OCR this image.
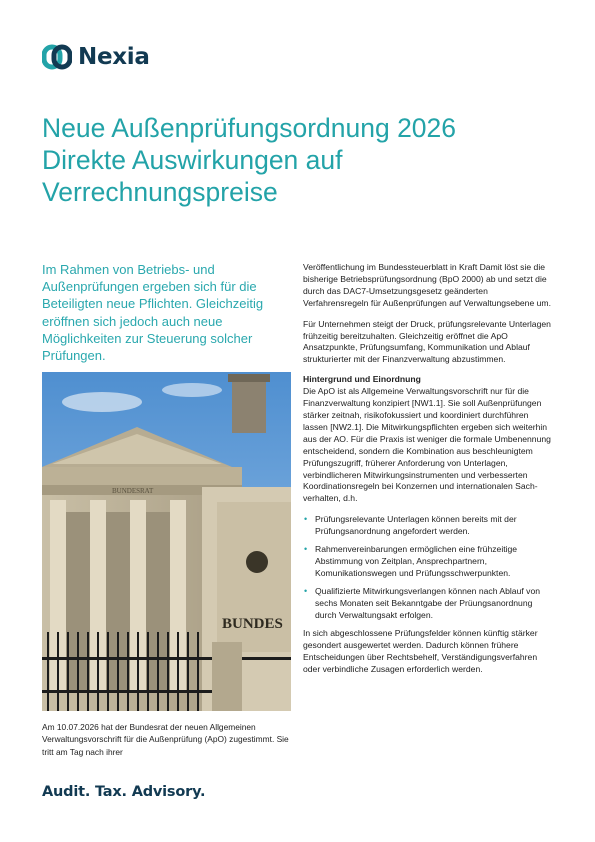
Nexia
Neue Außenprüfungsordnung 2026
Direkte Auswirkungen auf
Verrechnungspreise
Im Rahmen von Betriebs- und Außenprüfungen ergeben sich für die Beteiligten neue Pflichten. Gleichzeitig eröffnen sich jedoch auch neue Möglichkeiten zur Steuerung solcher Prüfungen.
BUNDESRAT
BUNDES
Am 10.07.2026 hat der Bundesrat der neuen Allgemeinen Verwaltungsvorschrift für die Außenprüfung (ApO) zugestimmt. Sie tritt am Tag nach ihrer

Veröffentlichung im Bundessteuerblatt in Kraft Damit löst sie die bisherige Betriebsprüfungsordnung (BpO 2000) ab und setzt die durch das DAC7-Umsetzungsgesetz geänderten Verfahrensregeln für Außenprüfungen auf Verwaltungsebene um.

Für Unternehmen steigt der Druck, prüfungsrelevante Unterlagen frühzeitig bereitzuhalten. Gleichzeitig eröffnet die ApO Ansatzpunkte, Prüfungsumfang, Kommunikation und Ablauf strukturierter mit der Finanzverwaltung abzustimmen.

Hintergrund und Einordnung

Die ApO ist als Allgemeine Verwaltungsvorschrift nur für die Finanzverwaltung konzipiert [NW1.1]. Sie soll Außenprüfungen stärker zeitnah, risikofokussiert und koordiniert durchführen lassen [NW2.1]. Die Mitwirkungspflichten ergeben sich weiterhin aus der AO. Für die Praxis ist weniger die formale Umbenennung entscheidend, sondern die Kombination aus beschleunigtem Prüfungszugriff, früherer Anforderung von Unterlagen, verbindlicheren Mitwirkungsinstrumenten und verbesserten Koordinationsregeln bei Konzernen und internationalen Sach-verhalten, d.h.

• Prüfungsrelevante Unterlagen können bereits mit der Prüfungsanordnung angefordert werden.
• Rahmenvereinbarungen ermöglichen eine frühzeitige Abstimmung von Zeitplan, Ansprechpartnern, Komunikationswegen und Prüfungsschwerpunkten.
• Qualifizierte Mitwirkungsverlangen können nach Ablauf von sechs Monaten seit Bekanntgabe der Prüungsanordnung durch Verwaltungsakt erfolgen.

In sich abgeschlossene Prüfungsfelder können künftig stärker gesondert ausgewertet werden. Dadurch können frühere Entscheidungen über Rechtsbehelf, Verständigungsverfahren oder verbindliche Zusagen erforderlich werden.

Audit. Tax. Advisory.
